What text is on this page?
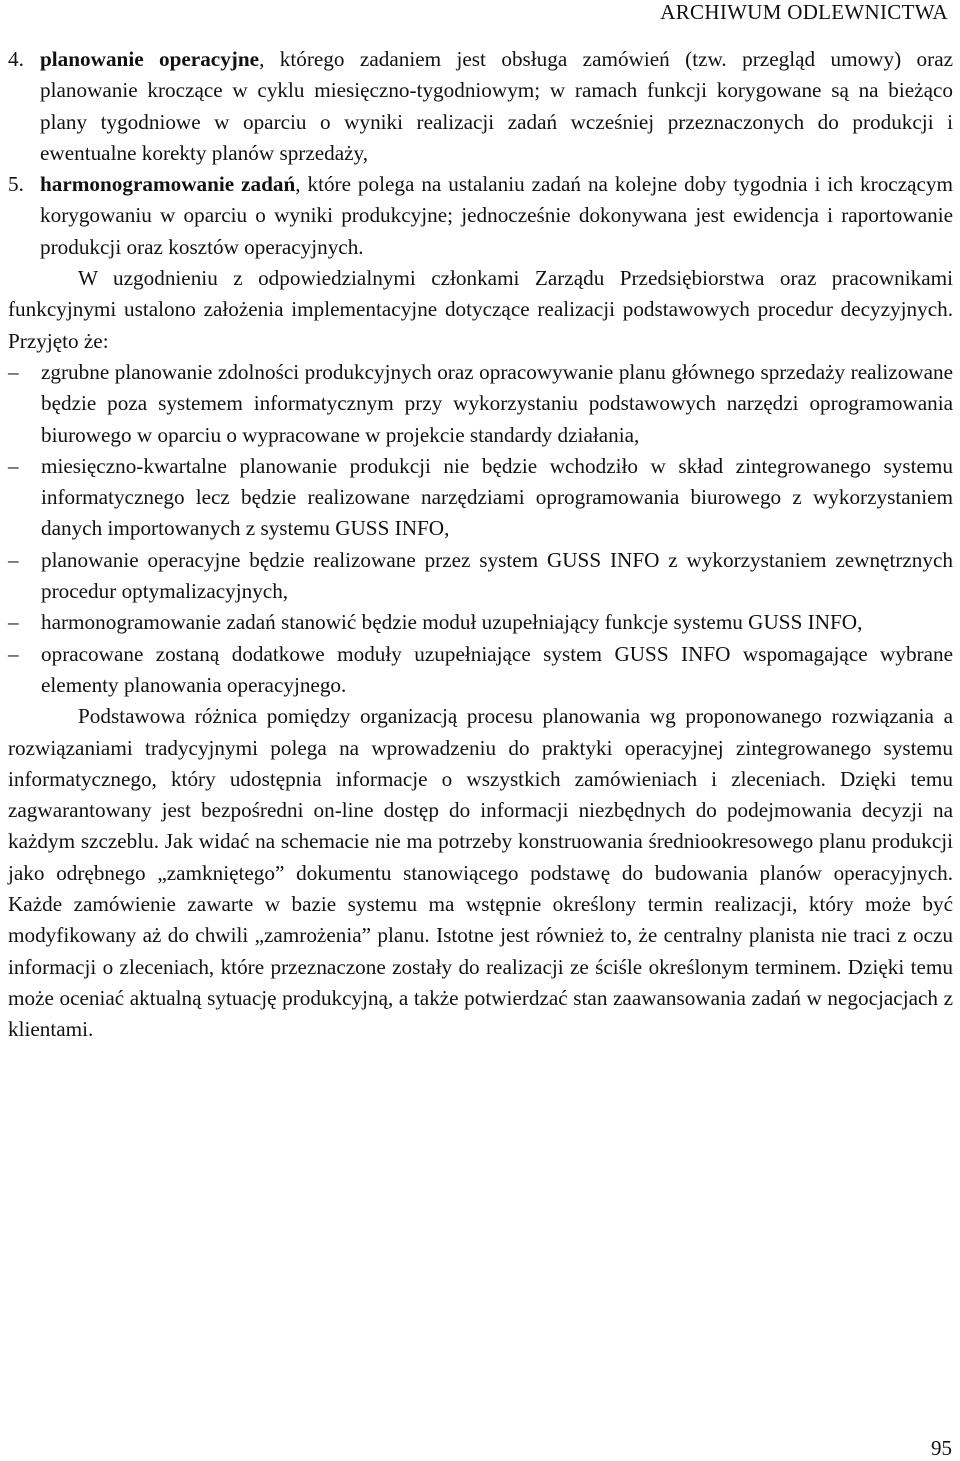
ARCHIWUM ODLEWNICTWA

4. planowanie operacyjne, którego zadaniem jest obsługa zamówień (tzw. przegląd umowy) oraz planowanie kroczące w cyklu miesięczno-tygodniowym; w ramach funkcji korygowane są na bieżąco plany tygodniowe w oparciu o wyniki realizacji zadań wcześniej przeznaczonych do produkcji i ewentualne korekty planów sprzedaży,

5. harmonogramowanie zadań, które polega na ustalaniu zadań na kolejne doby tygodnia i ich kroczącym korygowaniu w oparciu o wyniki produkcyjne; jednocześnie dokonywana jest ewidencja i raportowanie produkcji oraz kosztów operacyjnych.

W uzgodnieniu z odpowiedzialnymi członkami Zarządu Przedsiębiorstwa oraz pracownikami funkcyjnymi ustalono założenia implementacyjne dotyczące realizacji podstawowych procedur decyzyjnych. Przyjęto że:

– zgrubne planowanie zdolności produkcyjnych oraz opracowywanie planu głównego sprzedaży realizowane będzie poza systemem informatycznym przy wykorzystaniu podstawowych narzędzi oprogramowania biurowego w oparciu o wypracowane w projekcie standardy działania,
– miesięczno-kwartalne planowanie produkcji nie będzie wchodziło w skład zintegrowanego systemu informatycznego lecz będzie realizowane narzędziami oprogramowania biurowego z wykorzystaniem danych importowanych z systemu GUSS INFO,
– planowanie operacyjne będzie realizowane przez system GUSS INFO z wykorzystaniem zewnętrznych procedur optymalizacyjnych,
– harmonogramowanie zadań stanowić będzie moduł uzupełniający funkcje systemu GUSS INFO,
– opracowane zostaną dodatkowe moduły uzupełniające system GUSS INFO wspomagające wybrane elementy planowania operacyjnego.

Podstawowa różnica pomiędzy organizacją procesu planowania wg proponowanego rozwiązania a rozwiązaniami tradycyjnymi polega na wprowadzeniu do praktyki operacyjnej zintegrowanego systemu informatycznego, który udostępnia informacje o wszystkich zamówieniach i zleceniach. Dzięki temu zagwarantowany jest bezpośredni on-line dostęp do informacji niezbędnych do podejmowania decyzji na każdym szczeblu. Jak widać na schemacie nie ma potrzeby konstruowania średniookresowego planu produkcji jako odrębnego „zamkniętego” dokumentu stanowiącego podstawę do budowania planów operacyjnych. Każde zamówienie zawarte w bazie systemu ma wstępnie określony termin realizacji, który może być modyfikowany aż do chwili „zamrożenia” planu. Istotne jest również to, że centralny planista nie traci z oczu informacji o zleceniach, które przeznaczone zostały do realizacji ze ściśle określonym terminem. Dzięki temu może oceniać aktualną sytuację produkcyjną, a także potwierdzać stan zaawansowania zadań w negocjacjach z klientami.

95
